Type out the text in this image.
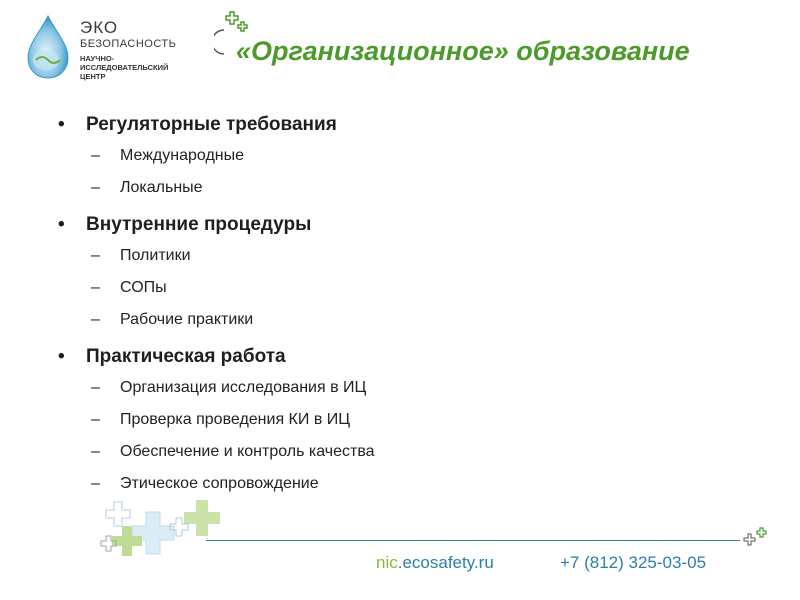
ЭКО
БЕЗОПАСНОСТЬ
НАУЧНО-
ИССЛЕДОВАТЕЛЬСКИЙ
ЦЕНТР
«Организационное» образование
• Регуляторные требования
– Международные
– Локальные
• Внутренние процедуры
– Политики
– СОПы
– Рабочие практики
• Практическая работа
– Организация исследования в ИЦ
– Проверка проведения КИ в ИЦ
– Обеспечение и контроль качества
– Этическое сопровождение
nic.ecosafety.ru	+7 (812) 325-03-05
